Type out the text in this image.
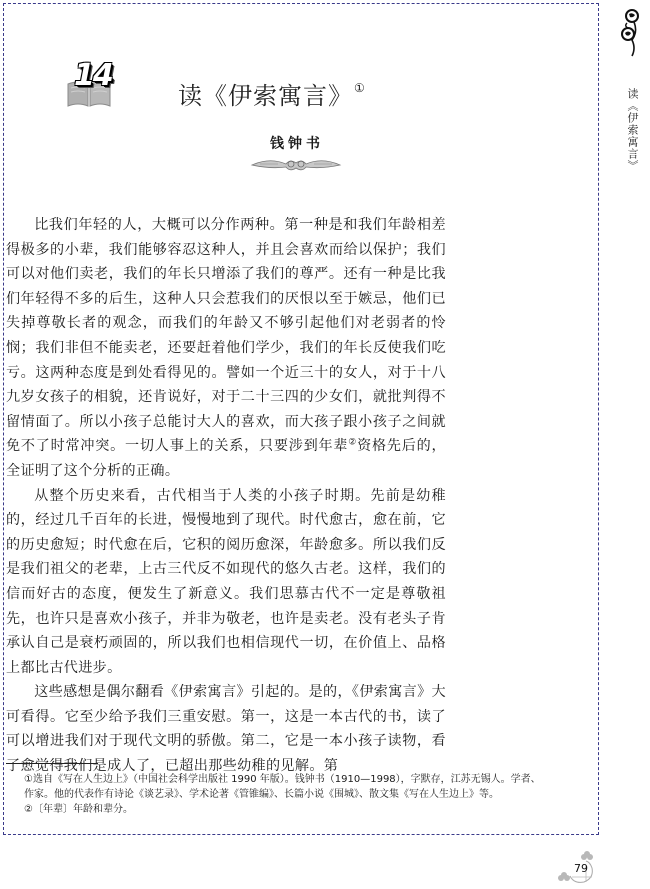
14
读《伊索寓言》①
钱钟书

比我们年轻的人，大概可以分作两种。第一种是和我们年龄相差得极多的小辈，我们能够容忍这种人，并且会喜欢而给以保护；我们可以对他们卖老，我们的年长只增添了我们的尊严。还有一种是比我们年轻得不多的后生，这种人只会惹我们的厌恨以至于嫉忌，他们已失掉尊敬长者的观念，而我们的年龄又不够引起他们对老弱者的怜悯；我们非但不能卖老，还要赶着他们学少，我们的年长反使我们吃亏。这两种态度是到处看得见的。譬如一个近三十的女人，对于十八九岁女孩子的相貌，还肯说好，对于二十三四的少女们，就批判得不留情面了。所以小孩子总能讨大人的喜欢，而大孩子跟小孩子之间就免不了时常冲突。一切人事上的关系，只要涉到年辈②资格先后的，全证明了这个分析的正确。

从整个历史来看，古代相当于人类的小孩子时期。先前是幼稚的，经过几千百年的长进，慢慢地到了现代。时代愈古，愈在前，它的历史愈短；时代愈在后，它积的阅历愈深，年龄愈多。所以我们反是我们祖父的老辈，上古三代反不如现代的悠久古老。这样，我们的信而好古的态度，便发生了新意义。我们思慕古代不一定是尊敬祖先，也许只是喜欢小孩子，并非为敬老，也许是卖老。没有老头子肯承认自己是衰朽顽固的，所以我们也相信现代一切，在价值上、品格上都比古代进步。

这些感想是偶尔翻看《伊索寓言》引起的。是的，《伊索寓言》大可看得。它至少给予我们三重安慰。第一，这是一本古代的书，读了可以增进我们对于现代文明的骄傲。第二，它是一本小孩子读物，看了愈觉得我们是成人了，已超出那些幼稚的见解。第

①选自《写在人生边上》（中国社会科学出版社 1990 年版）。钱钟书（1910—1998），字默存，江苏无锡人。学者、
作家。他的代表作有诗论《谈艺录》、学术论著《管锥编》、长篇小说《围城》、散文集《写在人生边上》等。
②〔年辈〕年龄和辈分。
读《伊索寓言》
79
